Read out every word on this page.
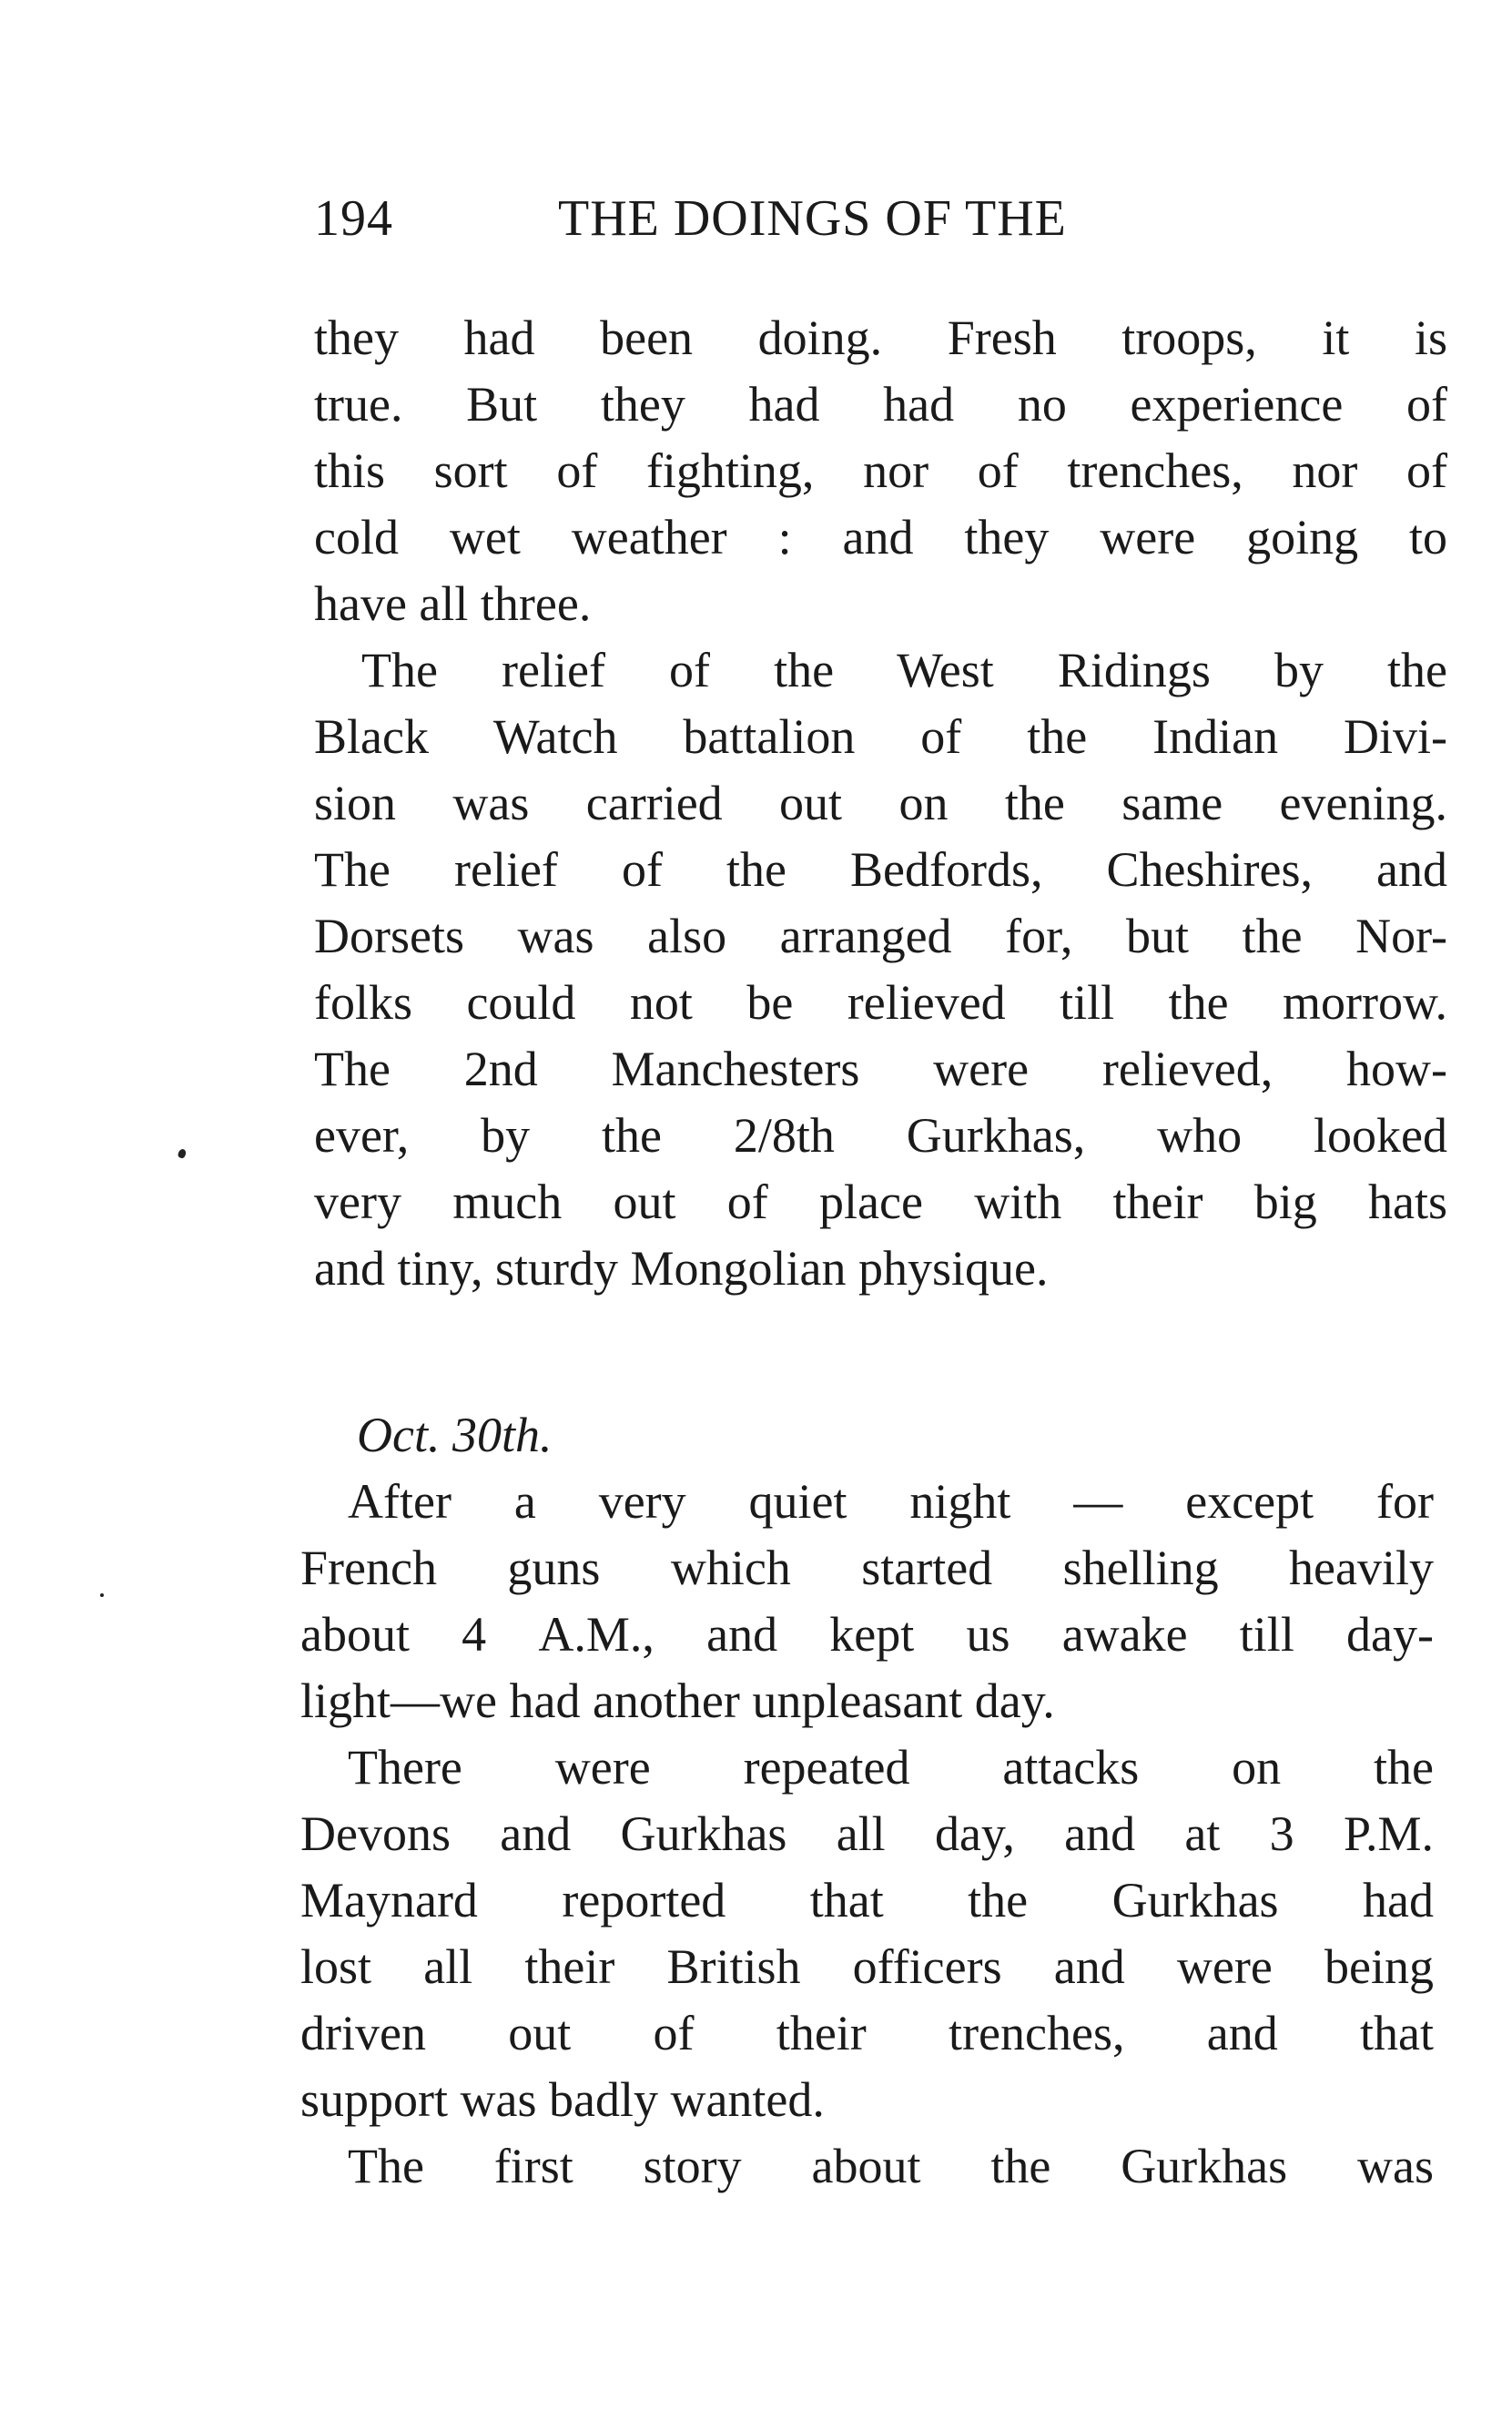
194	THE DOINGS OF THE
they had been doing. Fresh troops, it is
true. But they had had no experience of
this sort of fighting, nor of trenches, nor of
cold wet weather : and they were going to
have all three.
The relief of the West Ridings by the
Black Watch battalion of the Indian Divi-
sion was carried out on the same evening.
The relief of the Bedfords, Cheshires, and
Dorsets was also arranged for, but the Nor-
folks could not be relieved till the morrow.
The 2nd Manchesters were relieved, how-
ever, by the 2/8th Gurkhas, who looked
very much out of place with their big hats
and tiny, sturdy Mongolian physique.
Oct. 30th.
After a very quiet night — except for
French guns which started shelling heavily
about 4 A.M., and kept us awake till day-
light—we had another unpleasant day.
There were repeated attacks on the
Devons and Gurkhas all day, and at 3 P.M.
Maynard reported that the Gurkhas had
lost all their British officers and were being
driven out of their trenches, and that
support was badly wanted.
The first story about the Gurkhas was
